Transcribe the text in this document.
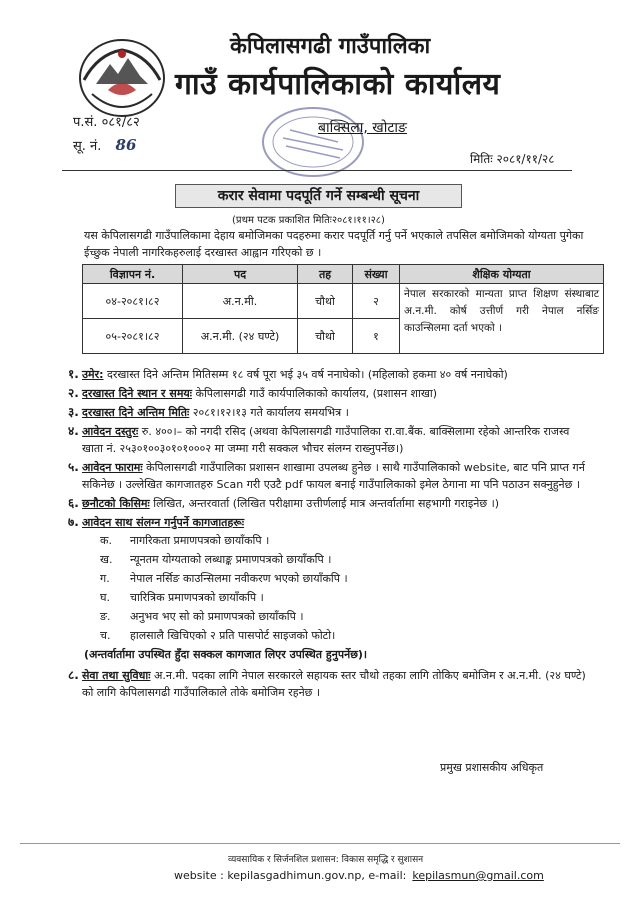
केपिलासगढी गाउँपालिका
गाउँ कार्यपालिकाको कार्यालय
प.सं. ०८१/८२
सू. नं. 86
बाक्सिला, खोटाङ
मितिः २०८१/११/२८
करार सेवामा पदपूर्ति गर्ने सम्बन्धी सूचना
(प्रथम पटक प्रकाशित मितिः२०८१।११।२८)
यस केपिलासगढी गाउँपालिकामा देहाय बमोजिमका पदहरुमा करार पदपूर्ति गर्नु पर्ने भएकाले तपसिल बमोजिमको योग्यता पुगेका ईच्छुक नेपाली नागरिकहरुलाई दरखास्त आह्वान गरिएको छ ।
विज्ञापन नं.	पद	तह	संख्या	शैक्षिक योग्यता
०४-२०८१।८२	अ.न.मी.	चौथो	२	नेपाल सरकारको मान्यता प्राप्त शिक्षण संस्थाबाट अ.न.मी. कोर्ष उत्तीर्ण गरी नेपाल नर्सिङ काउन्सिलमा दर्ता भएको ।
०५-२०८१।८२	अ.न.मी. (२४ घण्टे)	चौथो	१	
१. उमेर: दरखास्त दिने अन्तिम मितिसम्म १८ वर्ष पूरा भई ३५ वर्ष ननाघेको। (महिलाको हकमा ४० वर्ष ननाघेको)
२. दरखास्त दिने स्थान र समयः केपिलासगढी गाउँ कार्यपालिकाको कार्यालय, (प्रशासन शाखा)
३. दरखास्त दिने अन्तिम मितिः २०८१।१२।१३ गते कार्यालय समयभित्र ।
४. आवेदन दस्तुरः रु. ४००।– को नगदी रसिद (अथवा केपिलासगढी गाउँपालिका रा.वा.बैंक. बाक्सिलामा रहेको आन्तरिक राजस्व खाता नं. २५३०१००३०१०१०००२ मा जम्मा गरी सक्कल भौचर संलग्न राख्नुपर्नेछ।)
५. आवेदन फारामः केपिलासगढी गाउँपालिका प्रशासन शाखामा उपलब्ध हुनेछ । साथै गाउँपालिकाको website, बाट पनि प्राप्त गर्न सकिनेछ । उल्लेखित कागजातहरु Scan गरी एउटै pdf फायल बनाई गाउँपालिकाको इमेल ठेगाना मा पनि पठाउन सक्नुहुनेछ ।
६. छनौटको किसिमः लिखित, अन्तरवार्ता (लिखित परीक्षामा उत्तीर्णलाई मात्र अन्तर्वार्तामा सहभागी गराइनेछ ।)
७. आवेदन साथ संलग्न गर्नुपर्ने कागजातहरूः
क. नागरिकता प्रमाणपत्रको छायाँकपि ।
ख. न्यूनतम योग्यताको लब्धाङ्क प्रमाणपत्रको छायाँकपि ।
ग. नेपाल नर्सिङ काउन्सिलमा नवीकरण भएको छायाँकपि ।
घ. चारित्रिक प्रमाणपत्रको छायाँकपि ।
ङ. अनुभव भए सो को प्रमाणपत्रको छायाँकपि ।
च. हालसालै खिचिएको २ प्रति पासपोर्ट साइजको फोटो।
(अन्तर्वार्तामा उपस्थित हुँदा सक्कल कागजात लिएर उपस्थित हुनुपर्नेछ)।
८. सेवा तथा सुविधाः अ.न.मी. पदका लागि नेपाल सरकारले सहायक स्तर चौथो तहका लागि तोकिए बमोजिम र अ.न.मी. (२४ घण्टे) को लागि केपिलासगढी गाउँपालिकाले तोके बमोजिम रहनेछ ।
प्रमुख प्रशासकीय अधिकृत
व्यवसायिक र सिर्जनशिल प्रशासन: विकास समृद्धि र सुशासन
website : kepilasgadhimun.gov.np, e-mail: kepilasmun@gmail.com
